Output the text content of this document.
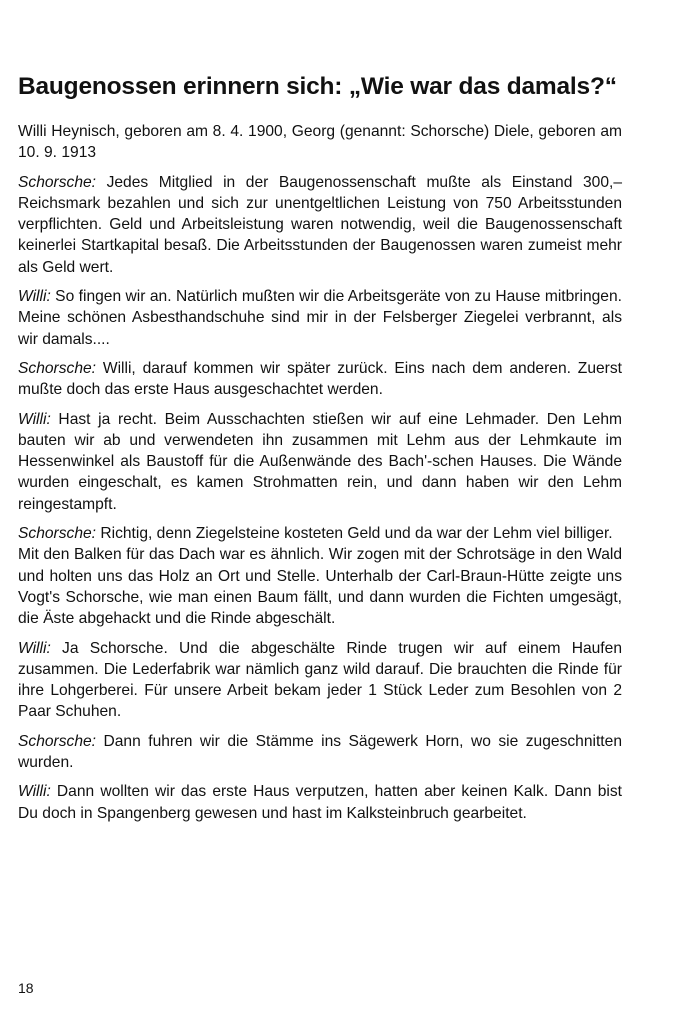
Baugenossen erinnern sich: „Wie war das damals?“

Willi Heynisch, geboren am 8. 4. 1900, Georg (genannt: Schorsche) Diele, geboren am 10. 9. 1913

Schorsche: Jedes Mitglied in der Baugenossenschaft mußte als Einstand 300,– Reichsmark bezahlen und sich zur unentgeltlichen Leistung von 750 Arbeitsstunden verpflichten. Geld und Arbeitsleistung waren notwendig, weil die Baugenossenschaft keinerlei Startkapital besaß. Die Arbeitsstunden der Baugenossen waren zumeist mehr als Geld wert.

Willi: So fingen wir an. Natürlich mußten wir die Arbeitsgeräte von zu Hause mitbringen. Meine schönen Asbesthandschuhe sind mir in der Felsberger Ziegelei verbrannt, als wir damals....

Schorsche: Willi, darauf kommen wir später zurück. Eins nach dem anderen. Zuerst mußte doch das erste Haus ausgeschachtet werden.

Willi: Hast ja recht. Beim Ausschachten stießen wir auf eine Lehmader. Den Lehm bauten wir ab und verwendeten ihn zusammen mit Lehm aus der Lehmkaute im Hessenwinkel als Baustoff für die Außenwände des Bach'-schen Hauses. Die Wände wurden eingeschalt, es kamen Strohmatten rein, und dann haben wir den Lehm reingestampft.

Schorsche: Richtig, denn Ziegelsteine kosteten Geld und da war der Lehm viel billiger.

Mit den Balken für das Dach war es ähnlich. Wir zogen mit der Schrotsäge in den Wald und holten uns das Holz an Ort und Stelle. Unterhalb der Carl-Braun-Hütte zeigte uns Vogt's Schorsche, wie man einen Baum fällt, und dann wurden die Fichten umgesägt, die Äste abgehackt und die Rinde abgeschält.

Willi: Ja Schorsche. Und die abgeschälte Rinde trugen wir auf einem Haufen zusammen. Die Lederfabrik war nämlich ganz wild darauf. Die brauchten die Rinde für ihre Lohgerberei. Für unsere Arbeit bekam jeder 1 Stück Leder zum Besohlen von 2 Paar Schuhen.

Schorsche: Dann fuhren wir die Stämme ins Sägewerk Horn, wo sie zugeschnitten wurden.

Willi: Dann wollten wir das erste Haus verputzen, hatten aber keinen Kalk. Dann bist Du doch in Spangenberg gewesen und hast im Kalksteinbruch gearbeitet.

18
